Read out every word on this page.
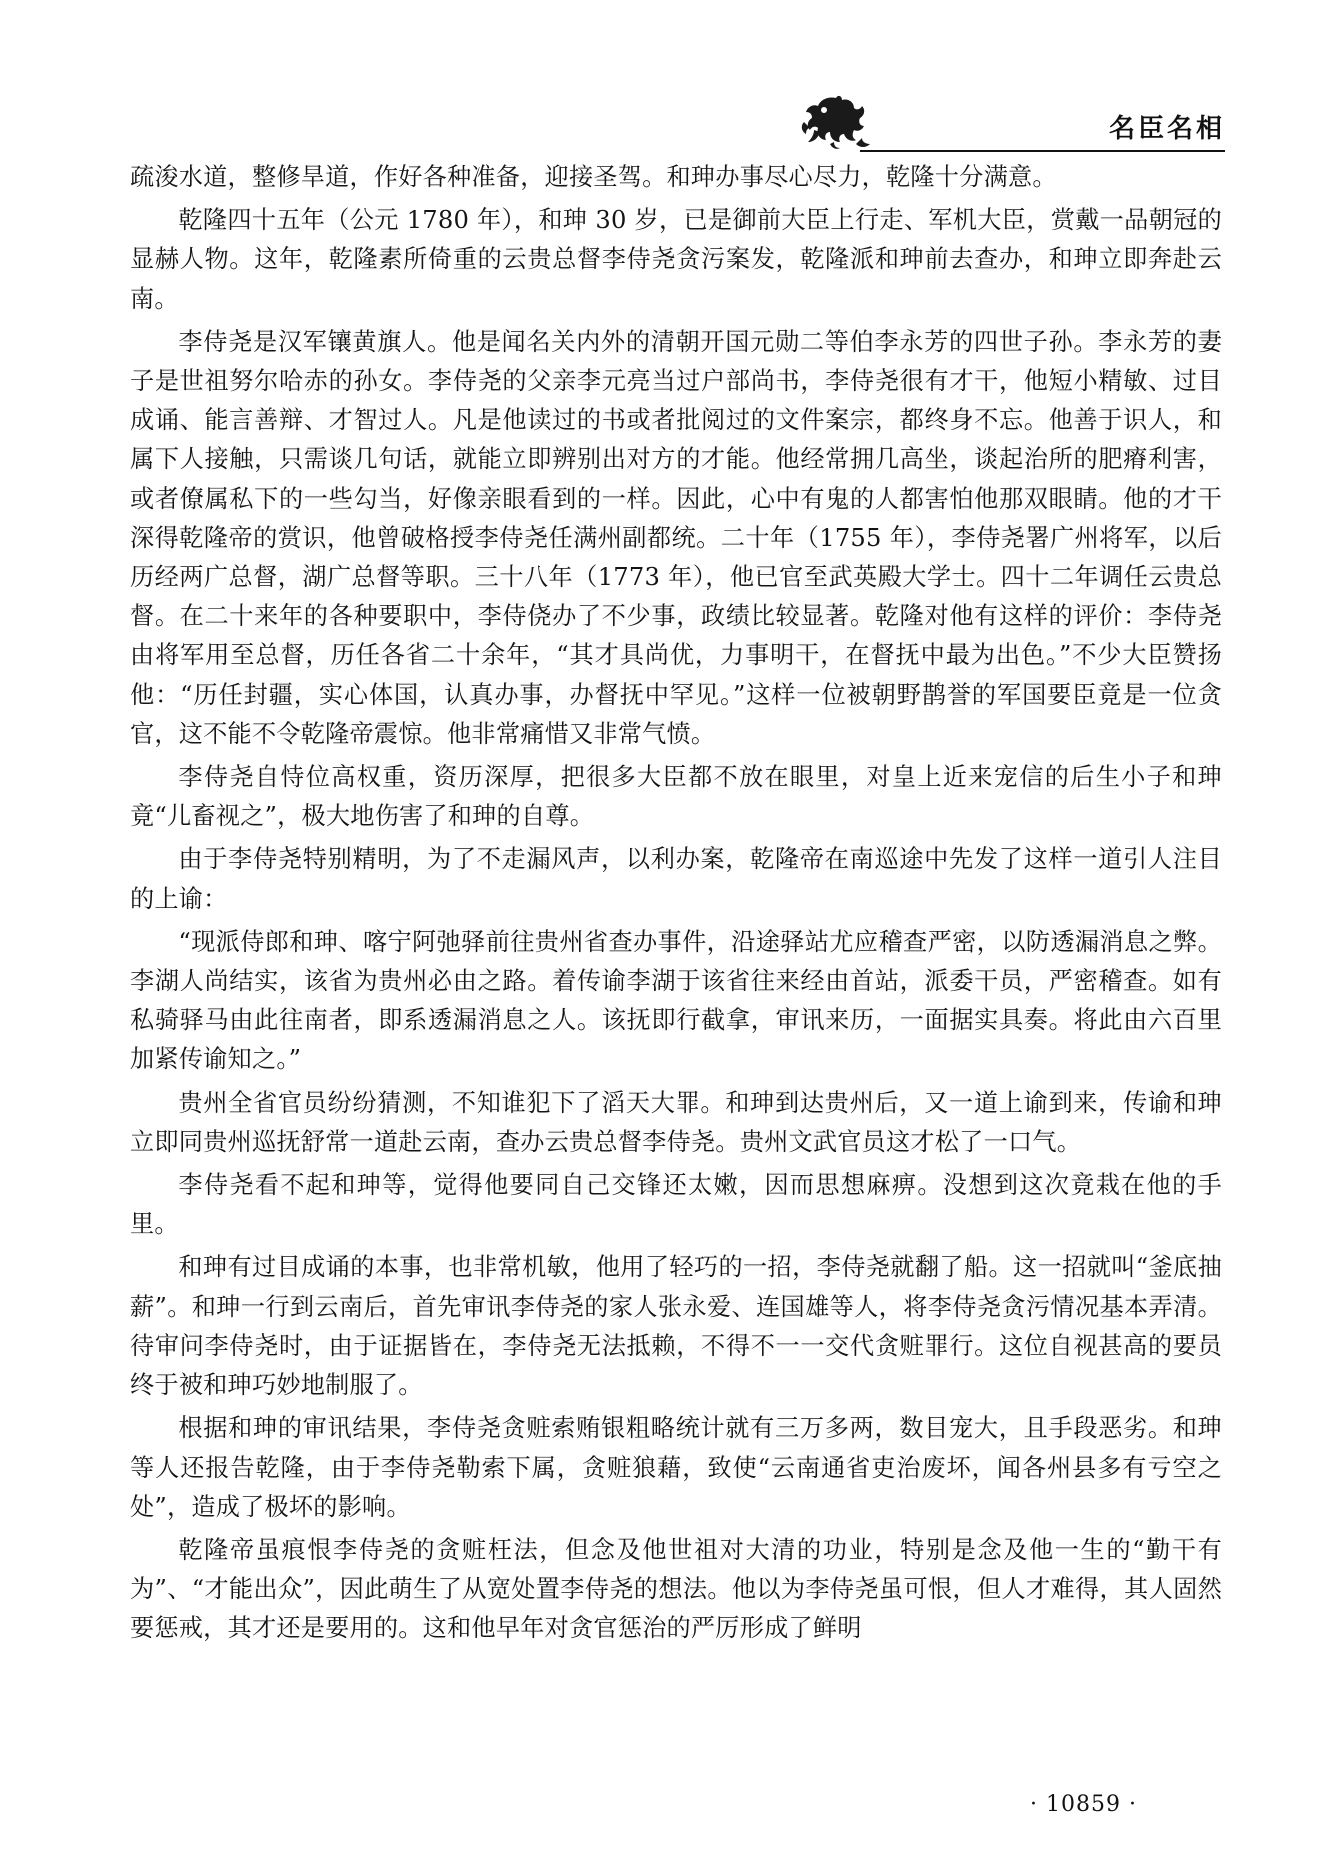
名臣名相

疏浚水道，整修旱道，作好各种准备，迎接圣驾。和珅办事尽心尽力，乾隆十分满意。

乾隆四十五年（公元 1780 年），和珅 30 岁，已是御前大臣上行走、军机大臣，赏戴一品朝冠的显赫人物。这年，乾隆素所倚重的云贵总督李侍尧贪污案发，乾隆派和珅前去查办，和珅立即奔赴云南。

李侍尧是汉军镶黄旗人。他是闻名关内外的清朝开国元勋二等伯李永芳的四世子孙。李永芳的妻子是世祖努尔哈赤的孙女。李侍尧的父亲李元亮当过户部尚书，李侍尧很有才干，他短小精敏、过目成诵、能言善辩、才智过人。凡是他读过的书或者批阅过的文件案宗，都终身不忘。他善于识人，和属下人接触，只需谈几句话，就能立即辨别出对方的才能。他经常拥几高坐，谈起治所的肥瘠利害，或者僚属私下的一些勾当，好像亲眼看到的一样。因此，心中有鬼的人都害怕他那双眼睛。他的才干深得乾隆帝的赏识，他曾破格授李侍尧任满州副都统。二十年（1755 年），李侍尧署广州将军，以后历经两广总督，湖广总督等职。三十八年（1773 年），他已官至武英殿大学士。四十二年调任云贵总督。在二十来年的各种要职中，李侍侥办了不少事，政绩比较显著。乾隆对他有这样的评价：李侍尧由将军用至总督，历任各省二十余年，“其才具尚优，力事明干，在督抚中最为出色。”不少大臣赞扬他：“历任封疆，实心体国，认真办事，办督抚中罕见。”这样一位被朝野鹊誉的军国要臣竟是一位贪官，这不能不令乾隆帝震惊。他非常痛惜又非常气愤。

李侍尧自恃位高权重，资历深厚，把很多大臣都不放在眼里，对皇上近来宠信的后生小子和珅竟“儿畜视之”，极大地伤害了和珅的自尊。

由于李侍尧特别精明，为了不走漏风声，以利办案，乾隆帝在南巡途中先发了这样一道引人注目的上谕：

“现派侍郎和珅、喀宁阿弛驿前往贵州省查办事件，沿途驿站尤应稽查严密，以防透漏消息之弊。李湖人尚结实，该省为贵州必由之路。着传谕李湖于该省往来经由首站，派委干员，严密稽查。如有私骑驿马由此往南者，即系透漏消息之人。该抚即行截拿，审讯来历，一面据实具奏。将此由六百里加紧传谕知之。”

贵州全省官员纷纷猜测，不知谁犯下了滔天大罪。和珅到达贵州后，又一道上谕到来，传谕和珅立即同贵州巡抚舒常一道赴云南，查办云贵总督李侍尧。贵州文武官员这才松了一口气。

李侍尧看不起和珅等，觉得他要同自己交锋还太嫩，因而思想麻痹。没想到这次竟栽在他的手里。

和珅有过目成诵的本事，也非常机敏，他用了轻巧的一招，李侍尧就翻了船。这一招就叫“釜底抽薪”。和珅一行到云南后，首先审讯李侍尧的家人张永爱、连国雄等人，将李侍尧贪污情况基本弄清。待审问李侍尧时，由于证据皆在，李侍尧无法抵赖，不得不一一交代贪赃罪行。这位自视甚高的要员终于被和珅巧妙地制服了。

根据和珅的审讯结果，李侍尧贪赃索贿银粗略统计就有三万多两，数目宠大，且手段恶劣。和珅等人还报告乾隆，由于李侍尧勒索下属，贪赃狼藉，致使“云南通省吏治废坏，闻各州县多有亏空之处”，造成了极坏的影响。

乾隆帝虽痕恨李侍尧的贪赃枉法，但念及他世祖对大清的功业，特别是念及他一生的“勤干有为”、“才能出众”，因此萌生了从宽处置李侍尧的想法。他以为李侍尧虽可恨，但人才难得，其人固然要惩戒，其才还是要用的。这和他早年对贪官惩治的严厉形成了鲜明

· 10859 ·
